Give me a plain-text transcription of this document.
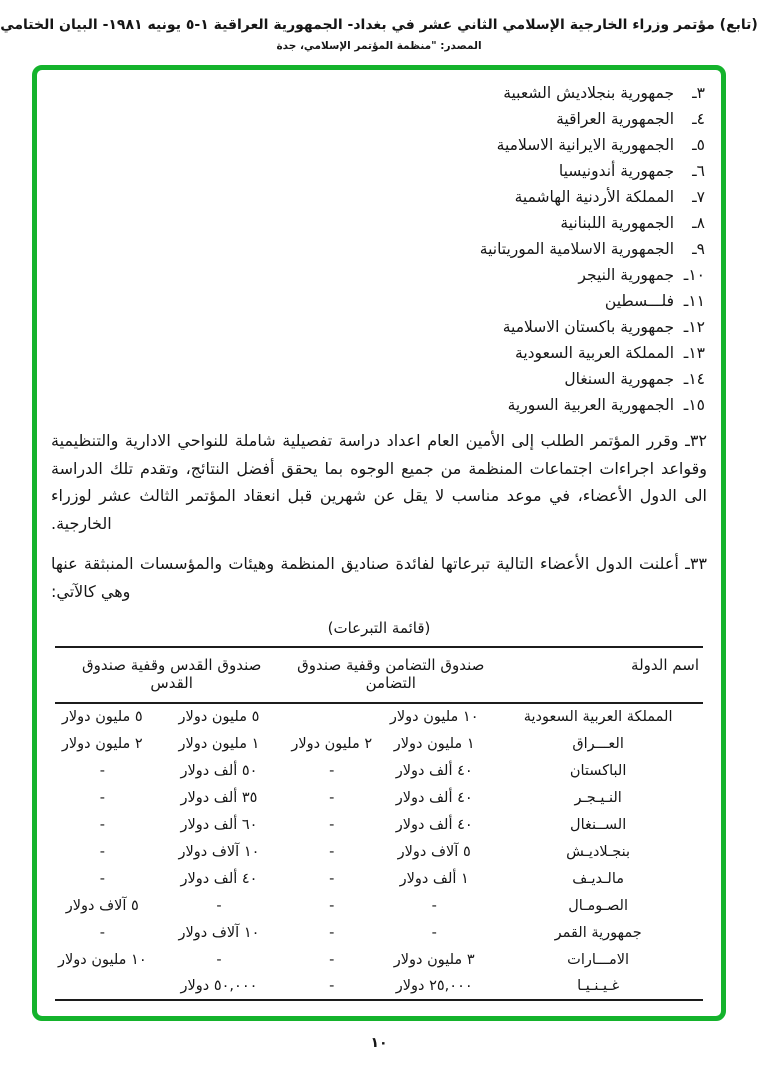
(تابع) مؤتمر وزراء الخارجية الإسلامي الثاني عشر في بغداد- الجمهورية العراقية ١-٥ يونيه ١٩٨١- البيان الختامي
المصدر: "منظمة المؤتمر الإسلامي، جدة
٣ـ جمهورية بنجلاديش الشعبية
٤ـ الجمهورية العراقية
٥ـ الجمهورية الايرانية الاسلامية
٦ـ جمهورية أندونيسيا
٧ـ المملكة الأردنية الهاشمية
٨ـ الجمهورية اللبنانية
٩ـ الجمهورية الاسلامية الموريتانية
١٠ـ جمهورية النيجر
١١ـ فلـــسطين
١٢ـ جمهورية باكستان الاسلامية
١٣ـ المملكة العربية السعودية
١٤ـ جمهورية السنغال
١٥ـ الجمهورية العربية السورية
٣٢ـ وقرر المؤتمر الطلب إلى الأمين العام اعداد دراسة تفصيلية شاملة للنواحي الادارية والتنظيمية وقواعد اجراءات اجتماعات المنظمة من جميع الوجوه بما يحقق أفضل النتائج، وتقدم تلك الدراسة الى الدول الأعضاء، في موعد مناسب لا يقل عن شهرين قبل انعقاد المؤتمر الثالث عشر لوزراء الخارجية.
٣٣ـ أعلنت الدول الأعضاء التالية تبرعاتها لفائدة صناديق المنظمة وهيئات والمؤسسات المنبثقة عنها وهي كالآتي:
(قائمة التبرعات)
اسم الدولة	صندوق التضامن وقفية صندوق التضامن		صندوق القدس وقفية صندوق القدس	
المملكة العربية السعودية	١٠ مليون دولار		٥ مليون دولار	٥ مليون دولار
العـــراق	١ مليون دولار	٢ مليون دولار	١ مليون دولار	٢ مليون دولار
الباكستان	٤٠ ألف دولار	-	٥٠ ألف دولار	-
النـيـجـر	٤٠ ألف دولار	-	٣٥ ألف دولار	-
الســنغال	٤٠ ألف دولار	-	٦٠ ألف دولار	-
بنجـلاديـش	٥ آلاف دولار	-	١٠ آلاف دولار	-
مالـديـف	١ ألف دولار	-	٤٠ ألف دولار	-
الصـومـال	-	-	-	٥ آلاف دولار
جمهورية القمر	-	-	١٠ آلاف دولار	-
الامـــارات	٣ مليون دولار	-	-	١٠ مليون دولار
غـيـنـيـا	٢٥,٠٠٠ دولار	-	٥٠,٠٠٠ دولار	
١٠
